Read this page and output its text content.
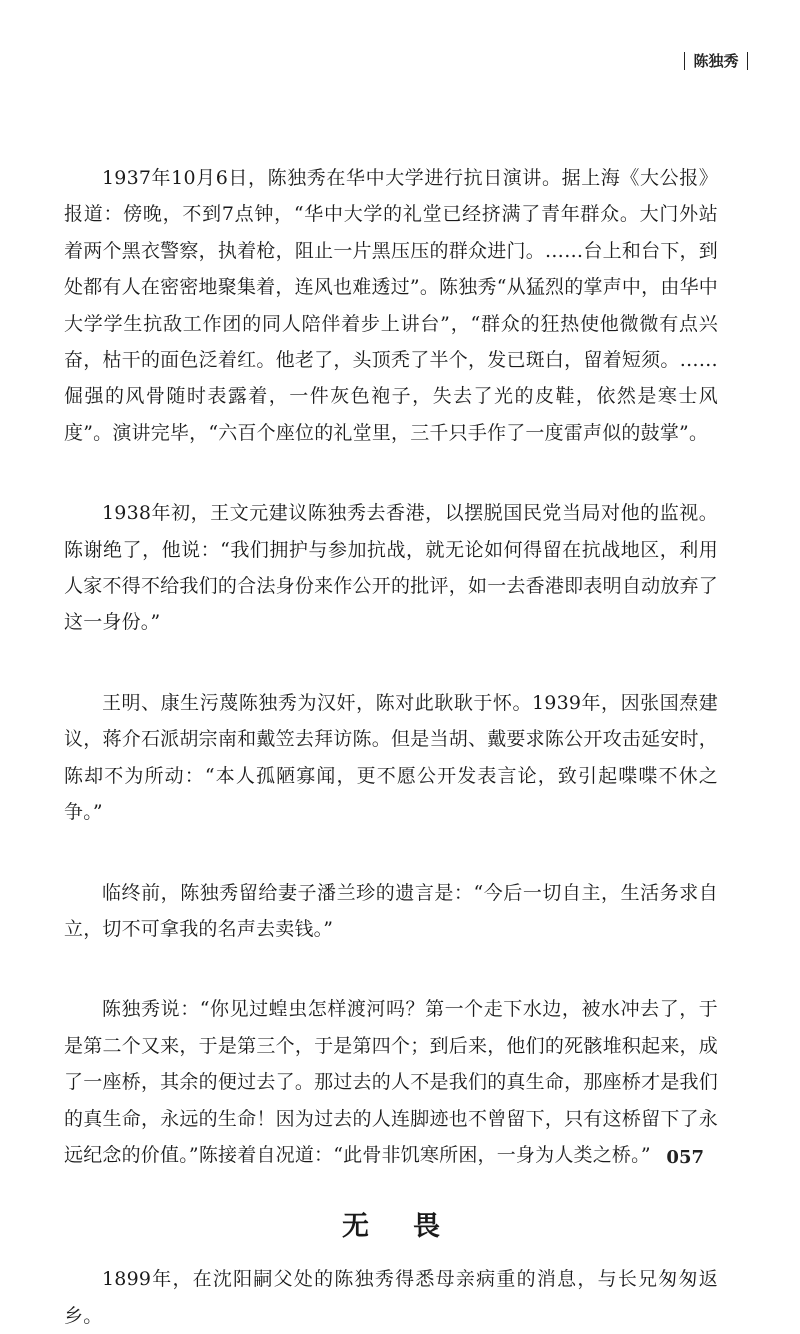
陈独秀

1937年10月6日，陈独秀在华中大学进行抗日演讲。据上海《大公报》报道：傍晚，不到7点钟，“华中大学的礼堂已经挤满了青年群众。大门外站着两个黑衣警察，执着枪，阻止一片黑压压的群众进门。……台上和台下，到处都有人在密密地聚集着，连风也难透过”。陈独秀“从猛烈的掌声中，由华中大学学生抗敌工作团的同人陪伴着步上讲台”，“群众的狂热使他微微有点兴奋，枯干的面色泛着红。他老了，头顶秃了半个，发已斑白，留着短须。……倔强的风骨随时表露着，一件灰色袍子，失去了光的皮鞋，依然是寒士风度”。演讲完毕，“六百个座位的礼堂里，三千只手作了一度雷声似的鼓掌”。

1938年初，王文元建议陈独秀去香港，以摆脱国民党当局对他的监视。陈谢绝了，他说：“我们拥护与参加抗战，就无论如何得留在抗战地区，利用人家不得不给我们的合法身份来作公开的批评，如一去香港即表明自动放弃了这一身份。”

王明、康生污蔑陈独秀为汉奸，陈对此耿耿于怀。1939年，因张国焘建议，蒋介石派胡宗南和戴笠去拜访陈。但是当胡、戴要求陈公开攻击延安时，陈却不为所动：“本人孤陋寡闻，更不愿公开发表言论，致引起喋喋不休之争。”

临终前，陈独秀留给妻子潘兰珍的遗言是：“今后一切自主，生活务求自立，切不可拿我的名声去卖钱。”

陈独秀说：“你见过蝗虫怎样渡河吗？第一个走下水边，被水冲去了，于是第二个又来，于是第三个，于是第四个；到后来，他们的死骸堆积起来，成了一座桥，其余的便过去了。那过去的人不是我们的真生命，那座桥才是我们的真生命，永远的生命！因为过去的人连脚迹也不曾留下，只有这桥留下了永远纪念的价值。”陈接着自况道：“此骨非饥寒所困，一身为人类之桥。”

无畏

1899年，在沈阳嗣父处的陈独秀得悉母亲病重的消息，与长兄匆匆返乡。

057
